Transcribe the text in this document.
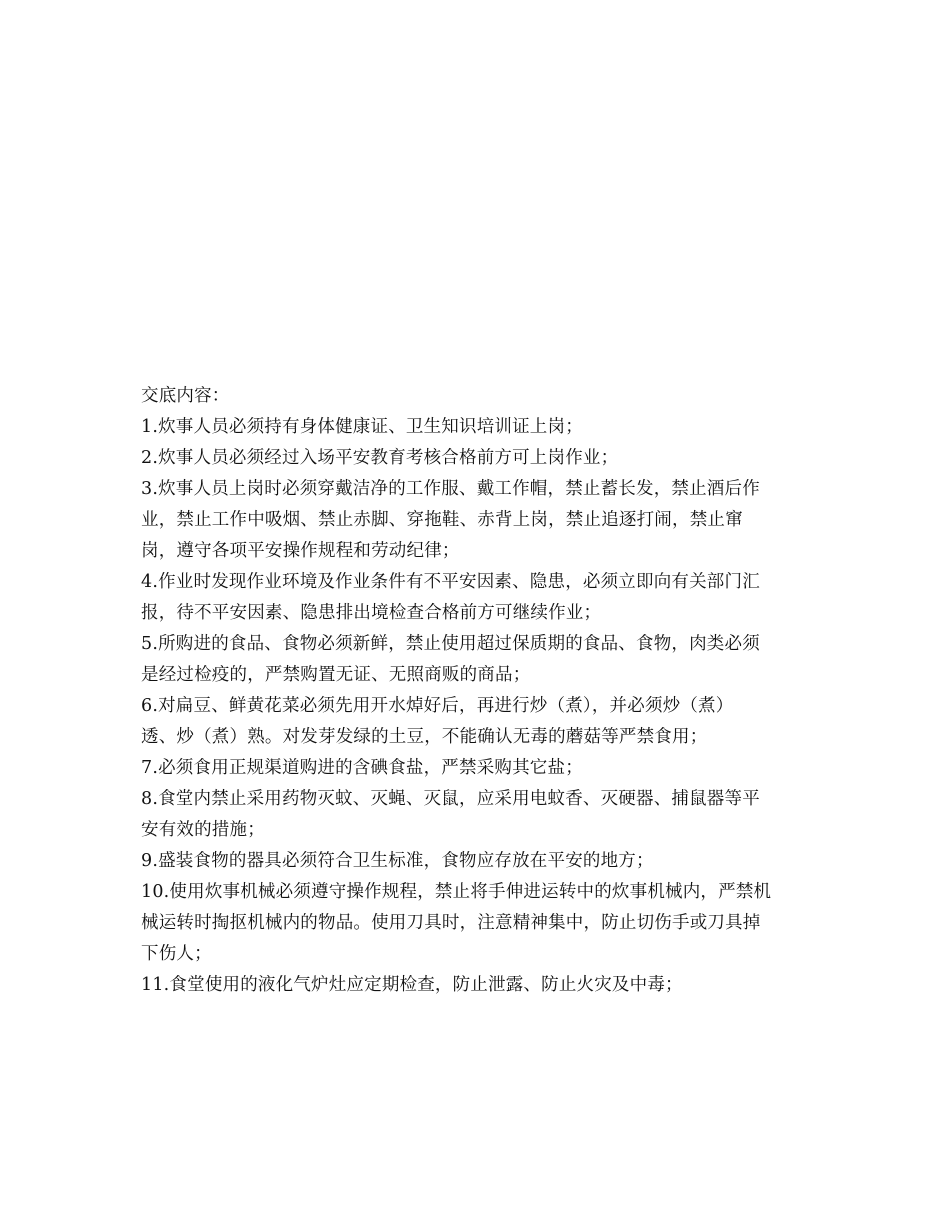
交底内容：
1.炊事人员必须持有身体健康证、卫生知识培训证上岗；
2.炊事人员必须经过入场平安教育考核合格前方可上岗作业；
3.炊事人员上岗时必须穿戴洁净的工作服、戴工作帽，禁止蓄长发，禁止酒后作
业，禁止工作中吸烟、禁止赤脚、穿拖鞋、赤背上岗，禁止追逐打闹，禁止窜
岗，遵守各项平安操作规程和劳动纪律；
4.作业时发现作业环境及作业条件有不平安因素、隐患，必须立即向有关部门汇
报，待不平安因素、隐患排出境检查合格前方可继续作业；
5.所购进的食品、食物必须新鲜，禁止使用超过保质期的食品、食物，肉类必须
是经过检疫的，严禁购置无证、无照商贩的商品；
6.对扁豆、鲜黄花菜必须先用开水焯好后，再进行炒（煮），并必须炒（煮）
透、炒（煮）熟。对发芽发绿的土豆，不能确认无毒的蘑菇等严禁食用；
7.必须食用正规渠道购进的含碘食盐，严禁采购其它盐；
8.食堂内禁止采用药物灭蚊、灭蝇、灭鼠，应采用电蚊香、灭硬器、捕鼠器等平
安有效的措施；
9.盛装食物的器具必须符合卫生标准，食物应存放在平安的地方；
10.使用炊事机械必须遵守操作规程，禁止将手伸进运转中的炊事机械内，严禁机
械运转时掏抠机械内的物品。使用刀具时，注意精神集中，防止切伤手或刀具掉
下伤人；
11.食堂使用的液化气炉灶应定期检查，防止泄露、防止火灾及中毒；
